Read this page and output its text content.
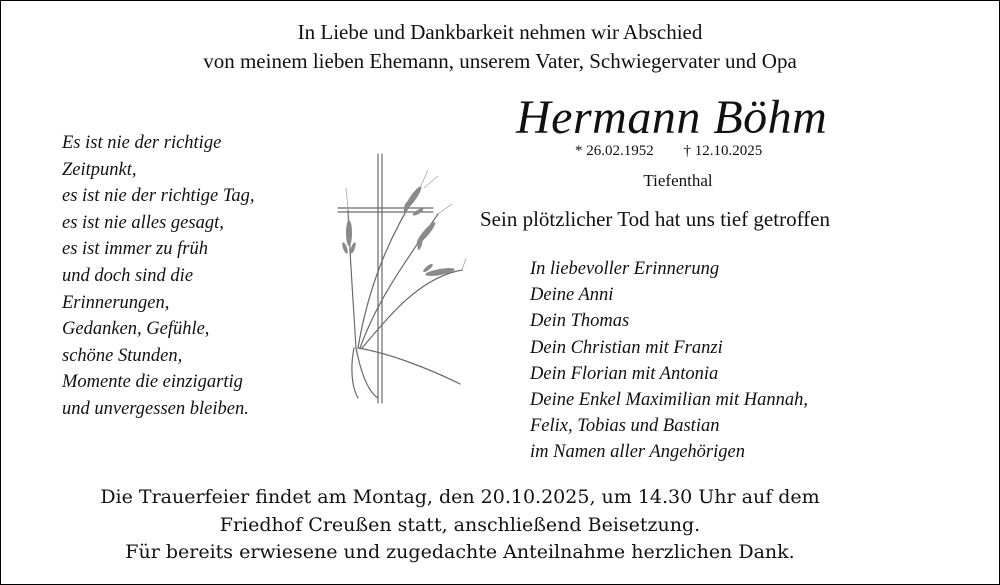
In Liebe und Dankbarkeit nehmen wir Abschied
von meinem lieben Ehemann, unserem Vater, Schwiegervater und Opa
Hermann Böhm
* 26.02.1952 † 12.10.2025
Tiefenthal
Sein plötzlicher Tod hat uns tief getroffen
Es ist nie der richtige
Zeitpunkt,
es ist nie der richtige Tag,
es ist nie alles gesagt,
es ist immer zu früh
und doch sind die
Erinnerungen,
Gedanken, Gefühle,
schöne Stunden,
Momente die einzigartig
und unvergessen bleiben.
In liebevoller Erinnerung
Deine Anni
Dein Thomas
Dein Christian mit Franzi
Dein Florian mit Antonia
Deine Enkel Maximilian mit Hannah,
Felix, Tobias und Bastian
im Namen aller Angehörigen
Die Trauerfeier findet am Montag, den 20.10.2025, um 14.30 Uhr auf dem
Friedhof Creußen statt, anschließend Beisetzung.
Für bereits erwiesene und zugedachte Anteilnahme herzlichen Dank.
